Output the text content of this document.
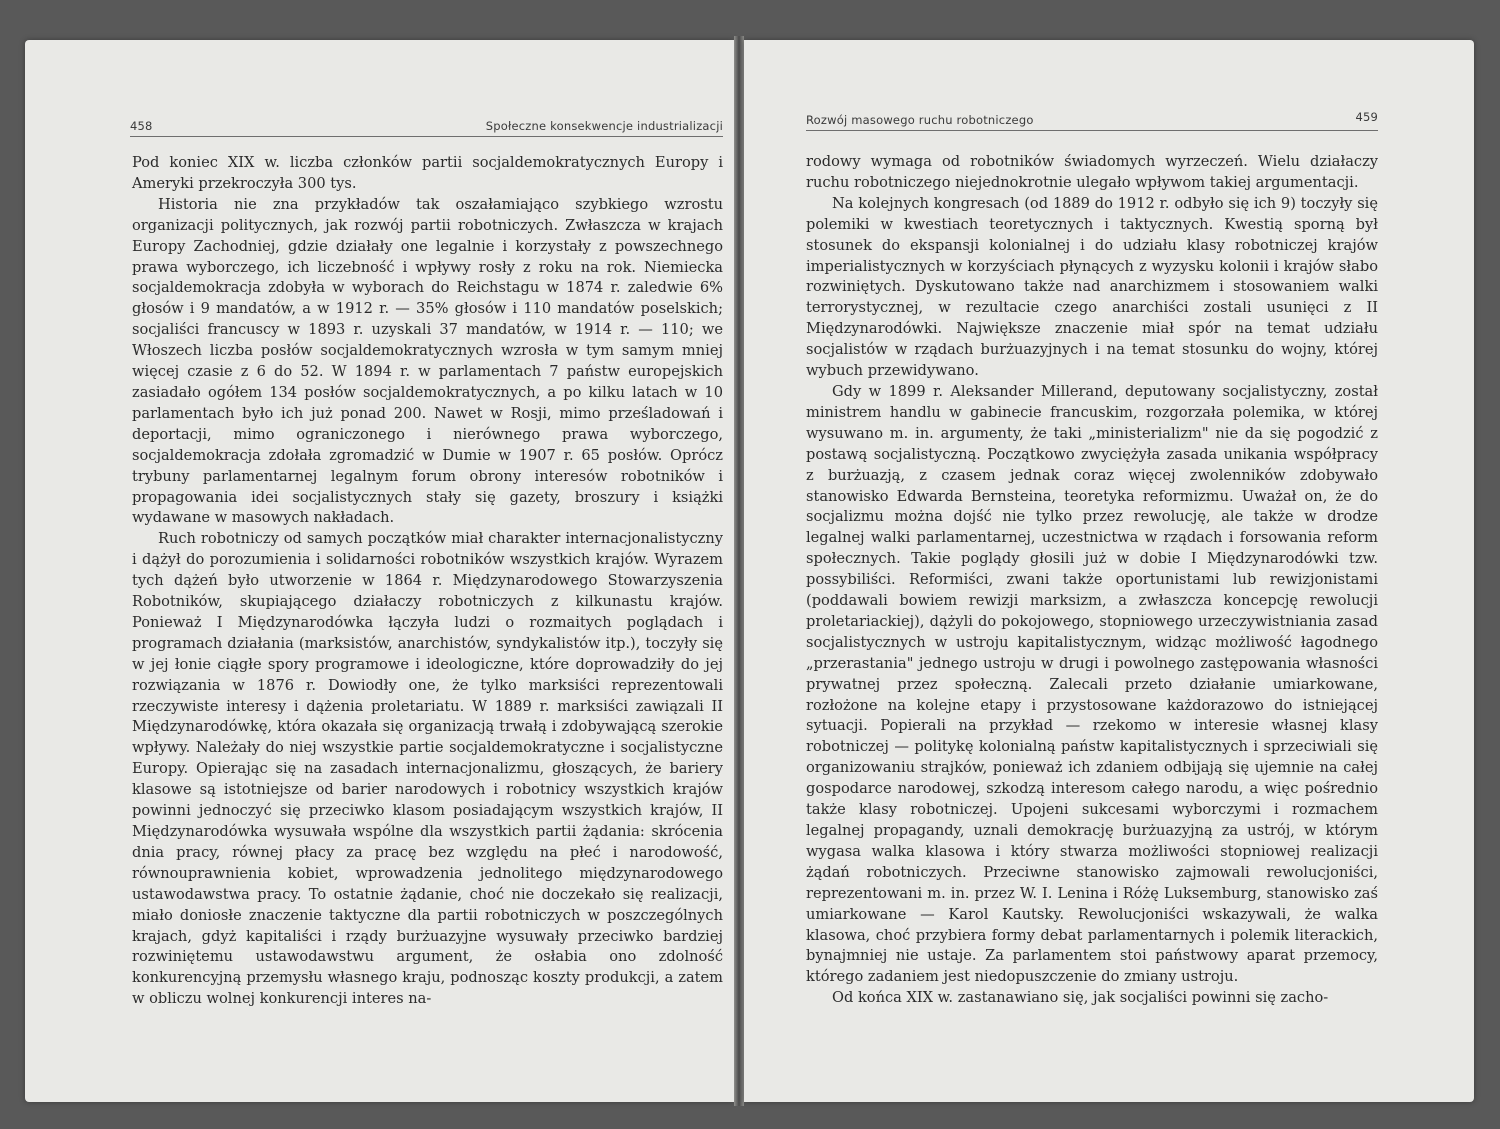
458	Społeczne konsekwencje industrializacji

Pod koniec XIX w. liczba członków partii socjaldemokratycznych Europy i Ameryki przekroczyła 300 tys.

Historia nie zna przykładów tak oszałamiająco szybkiego wzrostu organizacji politycznych, jak rozwój partii robotniczych. Zwłaszcza w krajach Europy Zachodniej, gdzie działały one legalnie i korzystały z powszechnego prawa wyborczego, ich liczebność i wpływy rosły z roku na rok. Niemiecka socjaldemokracja zdobyła w wyborach do Reichstagu w 1874 r. zaledwie 6% głosów i 9 mandatów, a w 1912 r. — 35% głosów i 110 mandatów poselskich; socjaliści francuscy w 1893 r. uzyskali 37 mandatów, w 1914 r. — 110; we Włoszech liczba posłów socjaldemokratycznych wzrosła w tym samym mniej więcej czasie z 6 do 52. W 1894 r. w parlamentach 7 państw europejskich zasiadało ogółem 134 posłów socjaldemokratycznych, a po kilku latach w 10 parlamentach było ich już ponad 200. Nawet w Rosji, mimo prześladowań i deportacji, mimo ograniczonego i nierównego prawa wyborczego, socjaldemokracja zdołała zgromadzić w Dumie w 1907 r. 65 posłów. Oprócz trybuny parlamentarnej legalnym forum obrony interesów robotników i propagowania idei socjalistycznych stały się gazety, broszury i książki wydawane w masowych nakładach.

Ruch robotniczy od samych początków miał charakter internacjonalistyczny i dążył do porozumienia i solidarności robotników wszystkich krajów. Wyrazem tych dążeń było utworzenie w 1864 r. Międzynarodowego Stowarzyszenia Robotników, skupiającego działaczy robotniczych z kilkunastu krajów. Ponieważ I Międzynarodówka łączyła ludzi o rozmaitych poglądach i programach działania (marksistów, anarchistów, syndykalistów itp.), toczyły się w jej łonie ciągłe spory programowe i ideologiczne, które doprowadziły do jej rozwiązania w 1876 r. Dowiodły one, że tylko marksiści reprezentowali rzeczywiste interesy i dążenia proletariatu. W 1889 r. marksiści zawiązali II Międzynarodówkę, która okazała się organizacją trwałą i zdobywającą szerokie wpływy. Należały do niej wszystkie partie socjaldemokratyczne i socjalistyczne Europy. Opierając się na zasadach internacjonalizmu, głoszących, że bariery klasowe są istotniejsze od barier narodowych i robotnicy wszystkich krajów powinni jednoczyć się przeciwko klasom posiadającym wszystkich krajów, II Międzynarodówka wysuwała wspólne dla wszystkich partii żądania: skrócenia dnia pracy, równej płacy za pracę bez względu na płeć i narodowość, równouprawnienia kobiet, wprowadzenia jednolitego międzynarodowego ustawodawstwa pracy. To ostatnie żądanie, choć nie doczekało się realizacji, miało doniosłe znaczenie taktyczne dla partii robotniczych w poszczególnych krajach, gdyż kapitaliści i rządy burżuazyjne wysuwały przeciwko bardziej rozwiniętemu ustawodawstwu argument, że osłabia ono zdolność konkurencyjną przemysłu własnego kraju, podnosząc koszty produkcji, a zatem w obliczu wolnej konkurencji interes na-

Rozwój masowego ruchu robotniczego	459

rodowy wymaga od robotników świadomych wyrzeczeń. Wielu działaczy ruchu robotniczego niejednokrotnie ulegało wpływom takiej argumentacji.

Na kolejnych kongresach (od 1889 do 1912 r. odbyło się ich 9) toczyły się polemiki w kwestiach teoretycznych i taktycznych. Kwestią sporną był stosunek do ekspansji kolonialnej i do udziału klasy robotniczej krajów imperialistycznych w korzyściach płynących z wyzysku kolonii i krajów słabo rozwiniętych. Dyskutowano także nad anarchizmem i stosowaniem walki terrorystycznej, w rezultacie czego anarchiści zostali usunięci z II Międzynarodówki. Największe znaczenie miał spór na temat udziału socjalistów w rządach burżuazyjnych i na temat stosunku do wojny, której wybuch przewidywano.

Gdy w 1899 r. Aleksander Millerand, deputowany socjalistyczny, został ministrem handlu w gabinecie francuskim, rozgorzała polemika, w której wysuwano m. in. argumenty, że taki „ministerializm" nie da się pogodzić z postawą socjalistyczną. Początkowo zwyciężyła zasada unikania współpracy z burżuazją, z czasem jednak coraz więcej zwolenników zdobywało stanowisko Edwarda Bernsteina, teoretyka reformizmu. Uważał on, że do socjalizmu można dojść nie tylko przez rewolucję, ale także w drodze legalnej walki parlamentarnej, uczestnictwa w rządach i forsowania reform społecznych. Takie poglądy głosili już w dobie I Międzynarodówki tzw. possybiliści. Reformiści, zwani także oportunistami lub rewizjonistami (poddawali bowiem rewizji marksizm, a zwłaszcza koncepcję rewolucji proletariackiej), dążyli do pokojowego, stopniowego urzeczywistniania zasad socjalistycznych w ustroju kapitalistycznym, widząc możliwość łagodnego „przerastania" jednego ustroju w drugi i powolnego zastępowania własności prywatnej przez społeczną. Zalecali przeto działanie umiarkowane, rozłożone na kolejne etapy i przystosowane każdorazowo do istniejącej sytuacji. Popierali na przykład — rzekomo w interesie własnej klasy robotniczej — politykę kolonialną państw kapitalistycznych i sprzeciwiali się organizowaniu strajków, ponieważ ich zdaniem odbijają się ujemnie na całej gospodarce narodowej, szkodzą interesom całego narodu, a więc pośrednio także klasy robotniczej. Upojeni sukcesami wyborczymi i rozmachem legalnej propagandy, uznali demokrację burżuazyjną za ustrój, w którym wygasa walka klasowa i który stwarza możliwości stopniowej realizacji żądań robotniczych. Przeciwne stanowisko zajmowali rewolucjoniści, reprezentowani m. in. przez W. I. Lenina i Różę Luksemburg, stanowisko zaś umiarkowane — Karol Kautsky. Rewolucjoniści wskazywali, że walka klasowa, choć przybiera formy debat parlamentarnych i polemik literackich, bynajmniej nie ustaje. Za parlamentem stoi państwowy aparat przemocy, którego zadaniem jest niedopuszczenie do zmiany ustroju.

Od końca XIX w. zastanawiano się, jak socjaliści powinni się zacho-
